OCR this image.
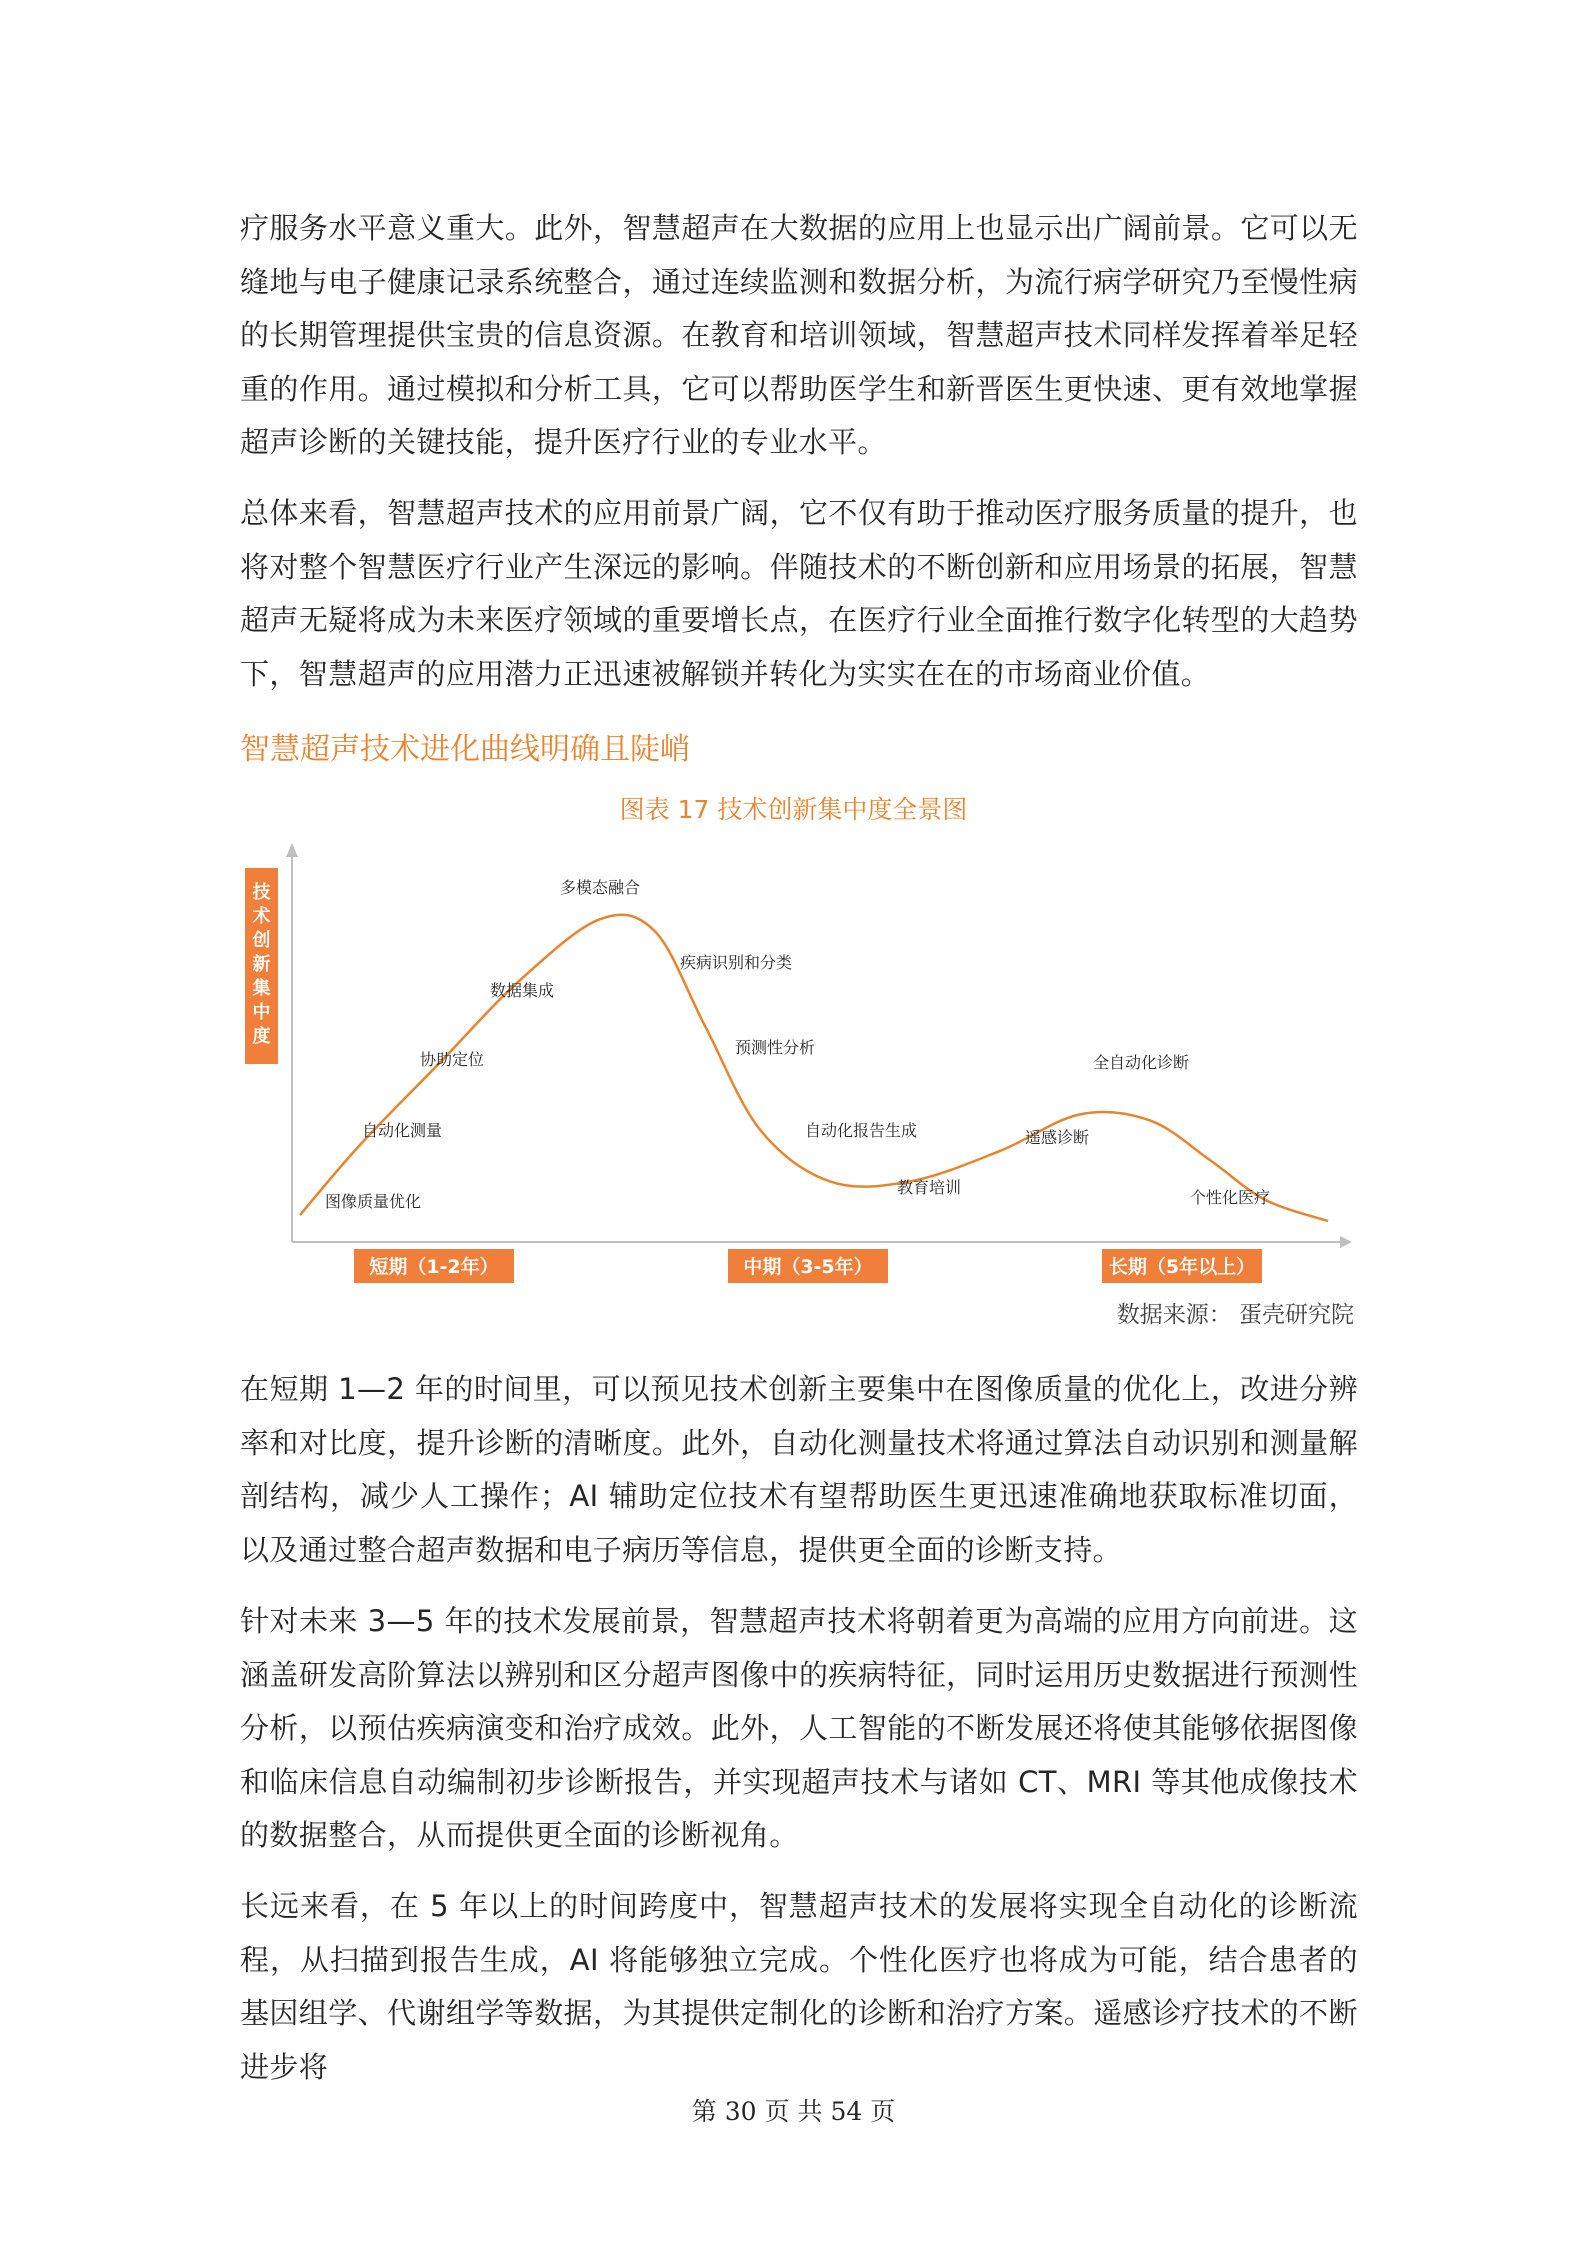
疗服务水平意义重大。此外，智慧超声在大数据的应用上也显示出广阔前景。它可以无缝地与电子健康记录系统整合，通过连续监测和数据分析，为流行病学研究乃至慢性病的长期管理提供宝贵的信息资源。在教育和培训领域，智慧超声技术同样发挥着举足轻重的作用。通过模拟和分析工具，它可以帮助医学生和新晋医生更快速、更有效地掌握超声诊断的关键技能，提升医疗行业的专业水平。

总体来看，智慧超声技术的应用前景广阔，它不仅有助于推动医疗服务质量的提升，也将对整个智慧医疗行业产生深远的影响。伴随技术的不断创新和应用场景的拓展，智慧超声无疑将成为未来医疗领域的重要增长点，在医疗行业全面推行数字化转型的大趋势下，智慧超声的应用潜力正迅速被解锁并转化为实实在在的市场商业价值。

智慧超声技术进化曲线明确且陡峭

图表 17 技术创新集中度全景图

技
术
创
新
集
中
度
图像质量优化
自动化测量
协助定位
数据集成
多模态融合
疾病识别和分类
预测性分析
自动化报告生成
教育培训
遥感诊断
全自动化诊断
个性化医疗
短期（1-2年）	中期（3-5年）	长期（5年以上）
数据来源： 蛋壳研究院

在短期 1—2 年的时间里，可以预见技术创新主要集中在图像质量的优化上，改进分辨率和对比度，提升诊断的清晰度。此外，自动化测量技术将通过算法自动识别和测量解剖结构，减少人工操作；AI 辅助定位技术有望帮助医生更迅速准确地获取标准切面，以及通过整合超声数据和电子病历等信息，提供更全面的诊断支持。

针对未来 3—5 年的技术发展前景，智慧超声技术将朝着更为高端的应用方向前进。这涵盖研发高阶算法以辨别和区分超声图像中的疾病特征，同时运用历史数据进行预测性分析，以预估疾病演变和治疗成效。此外，人工智能的不断发展还将使其能够依据图像和临床信息自动编制初步诊断报告，并实现超声技术与诸如 CT、MRI 等其他成像技术的数据整合，从而提供更全面的诊断视角。

长远来看，在 5 年以上的时间跨度中，智慧超声技术的发展将实现全自动化的诊断流程，从扫描到报告生成，AI 将能够独立完成。个性化医疗也将成为可能，结合患者的基因组学、代谢组学等数据，为其提供定制化的诊断和治疗方案。遥感诊疗技术的不断进步将

第 30 页 共 54 页
